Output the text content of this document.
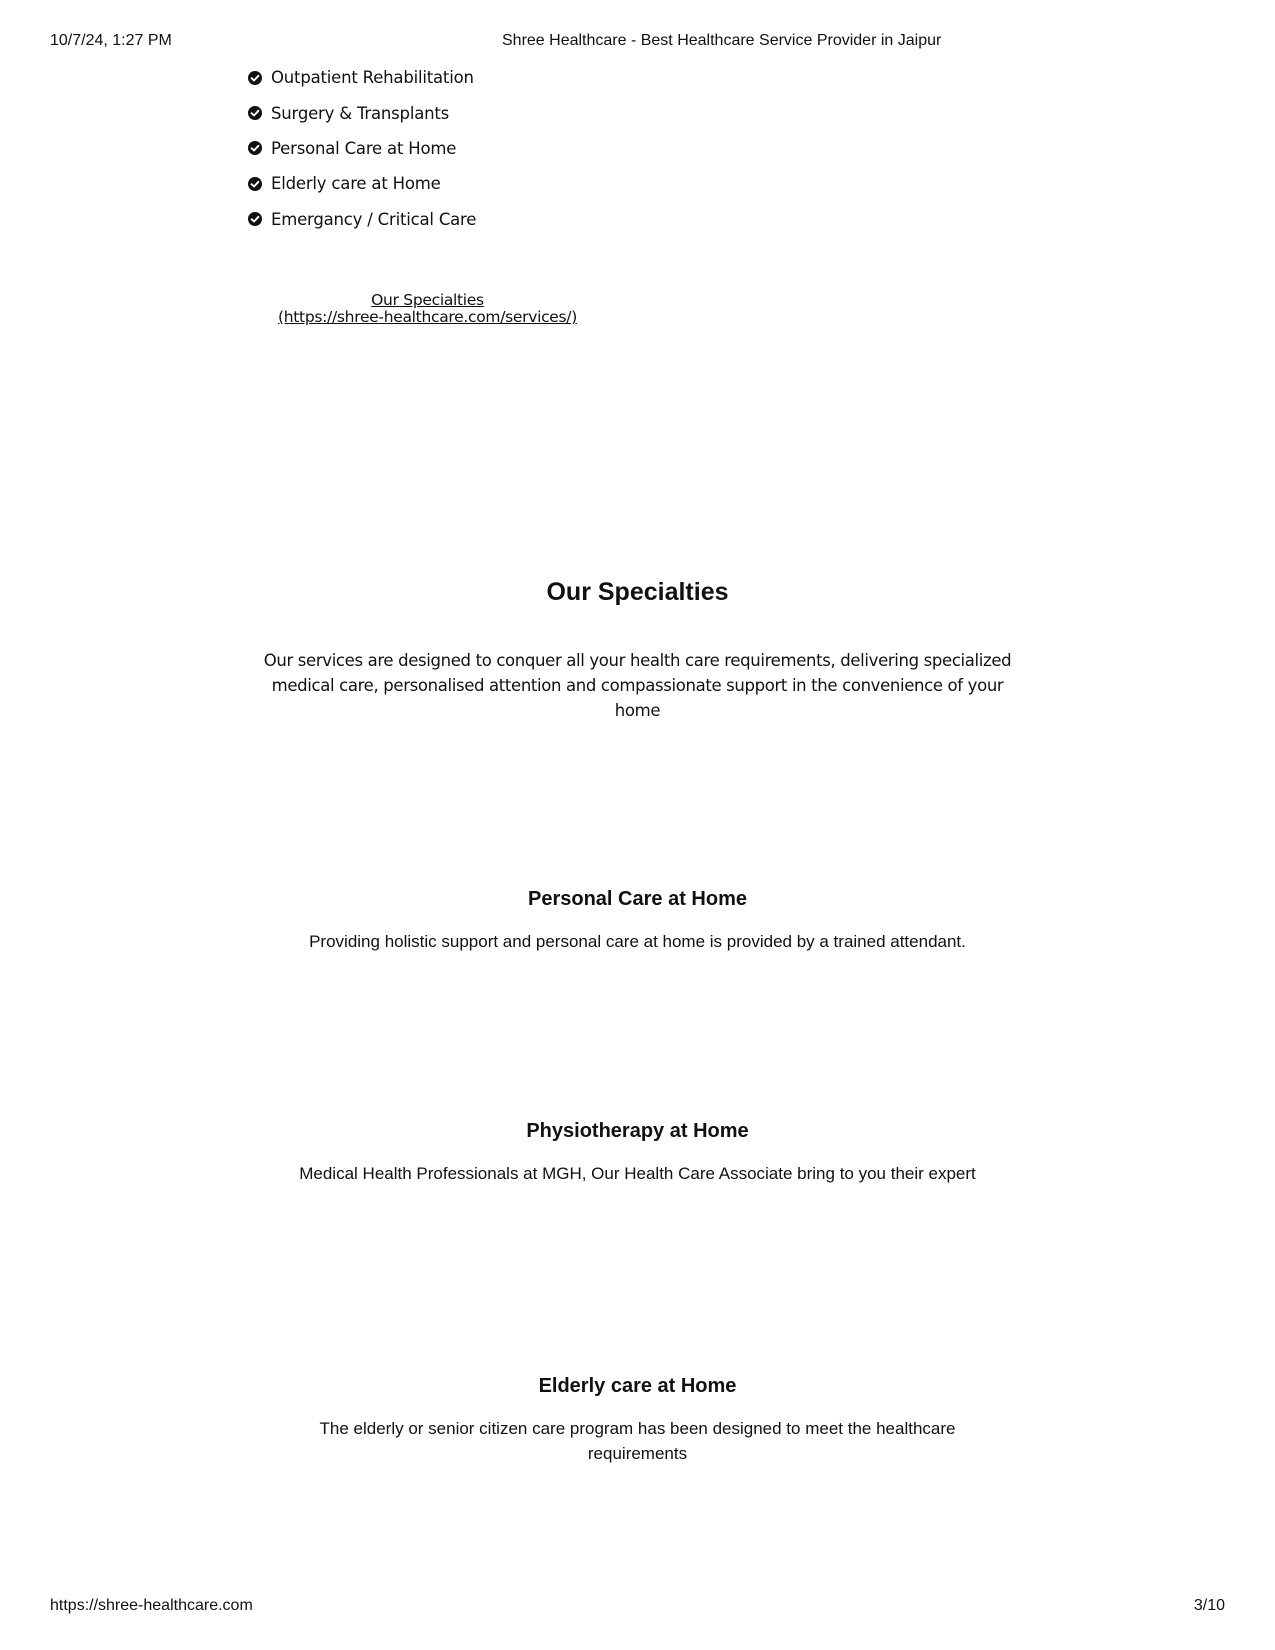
10/7/24, 1:27 PM	Shree Healthcare - Best Healthcare Service Provider in Jaipur
Outpatient Rehabilitation
Surgery & Transplants
Personal Care at Home
Elderly care at Home
Emergancy / Critical Care
Our Specialties
(https://shree-healthcare.com/services/)
Our Specialties

Our services are designed to conquer all your health care requirements, delivering specialized medical care, personalised attention and compassionate support in the convenience of your home

Personal Care at Home

Providing holistic support and personal care at home is provided by a trained attendant.

Physiotherapy at Home

Medical Health Professionals at MGH, Our Health Care Associate bring to you their expert

Elderly care at Home

The elderly or senior citizen care program has been designed to meet the healthcare requirements

https://shree-healthcare.com	3/10
